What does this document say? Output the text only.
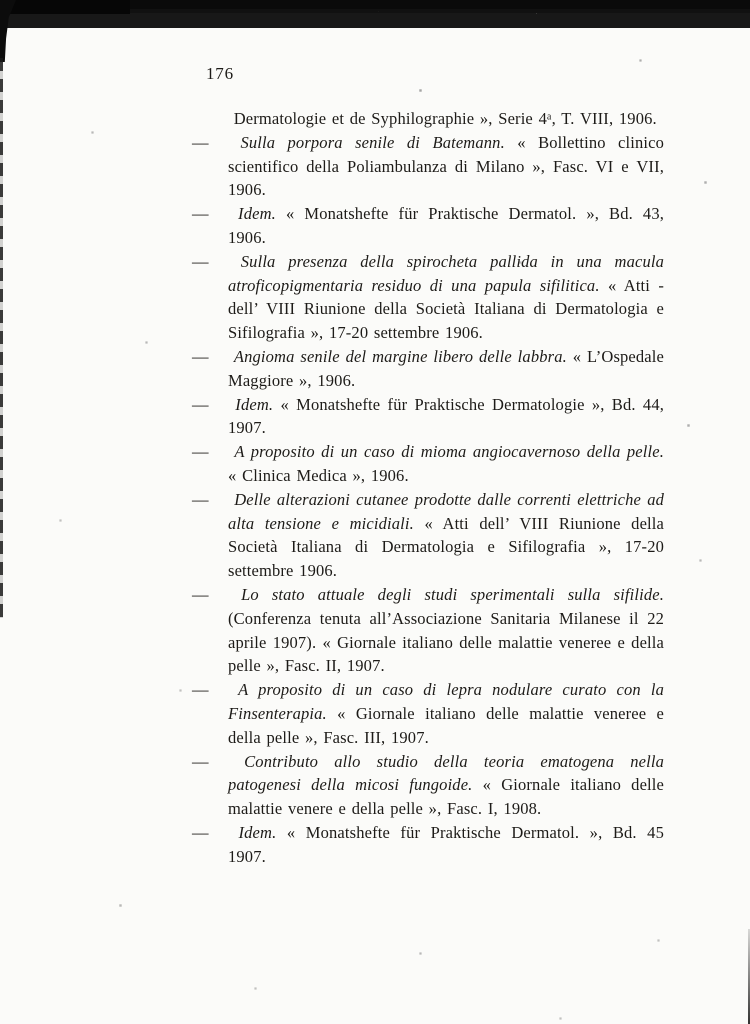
176

Dermatologie et de Syphilographie », Serie 4ᵃ, T. VIII, 1906.

— Sulla porpora senile di Batemann. « Bollettino clinico scientifico della Poliambulanza di Milano », Fasc. VI e VII, 1906.

— Idem. « Monatshefte für Praktische Dermatol. », Bd. 43, 1906.

— Sulla presenza della spirocheta pallida in una macula atroficopigmentaria residuo di una papula sifilitica. « Atti - dell’ VIII Riunione della Società Italiana di Dermatologia e Sifilografia », 17-20 settembre 1906.

— Angioma senile del margine libero delle labbra. « L’Ospedale Maggiore », 1906.

— Idem. « Monatshefte für Praktische Dermatologie », Bd. 44, 1907.

— A proposito di un caso di mioma angiocavernoso della pelle. « Clinica Medica », 1906.

— Delle alterazioni cutanee prodotte dalle correnti elettriche ad alta tensione e micidiali. « Atti dell’ VIII Riunione della Società Italiana di Dermatologia e Sifilografia », 17-20 settembre 1906.

— Lo stato attuale degli studi sperimentali sulla sifilide. (Conferenza tenuta all’Associazione Sanitaria Milanese il 22 aprile 1907). « Giornale italiano delle malattie veneree e della pelle », Fasc. II, 1907.

— A proposito di un caso di lepra nodulare curato con la Finsenterapia. « Giornale italiano delle malattie veneree e della pelle », Fasc. III, 1907.

— Contributo allo studio della teoria ematogena nella patogenesi della micosi fungoide. « Giornale italiano delle malattie venere e della pelle », Fasc. I, 1908.

— Idem. « Monatshefte für Praktische Dermatol. », Bd. 45 1907.
